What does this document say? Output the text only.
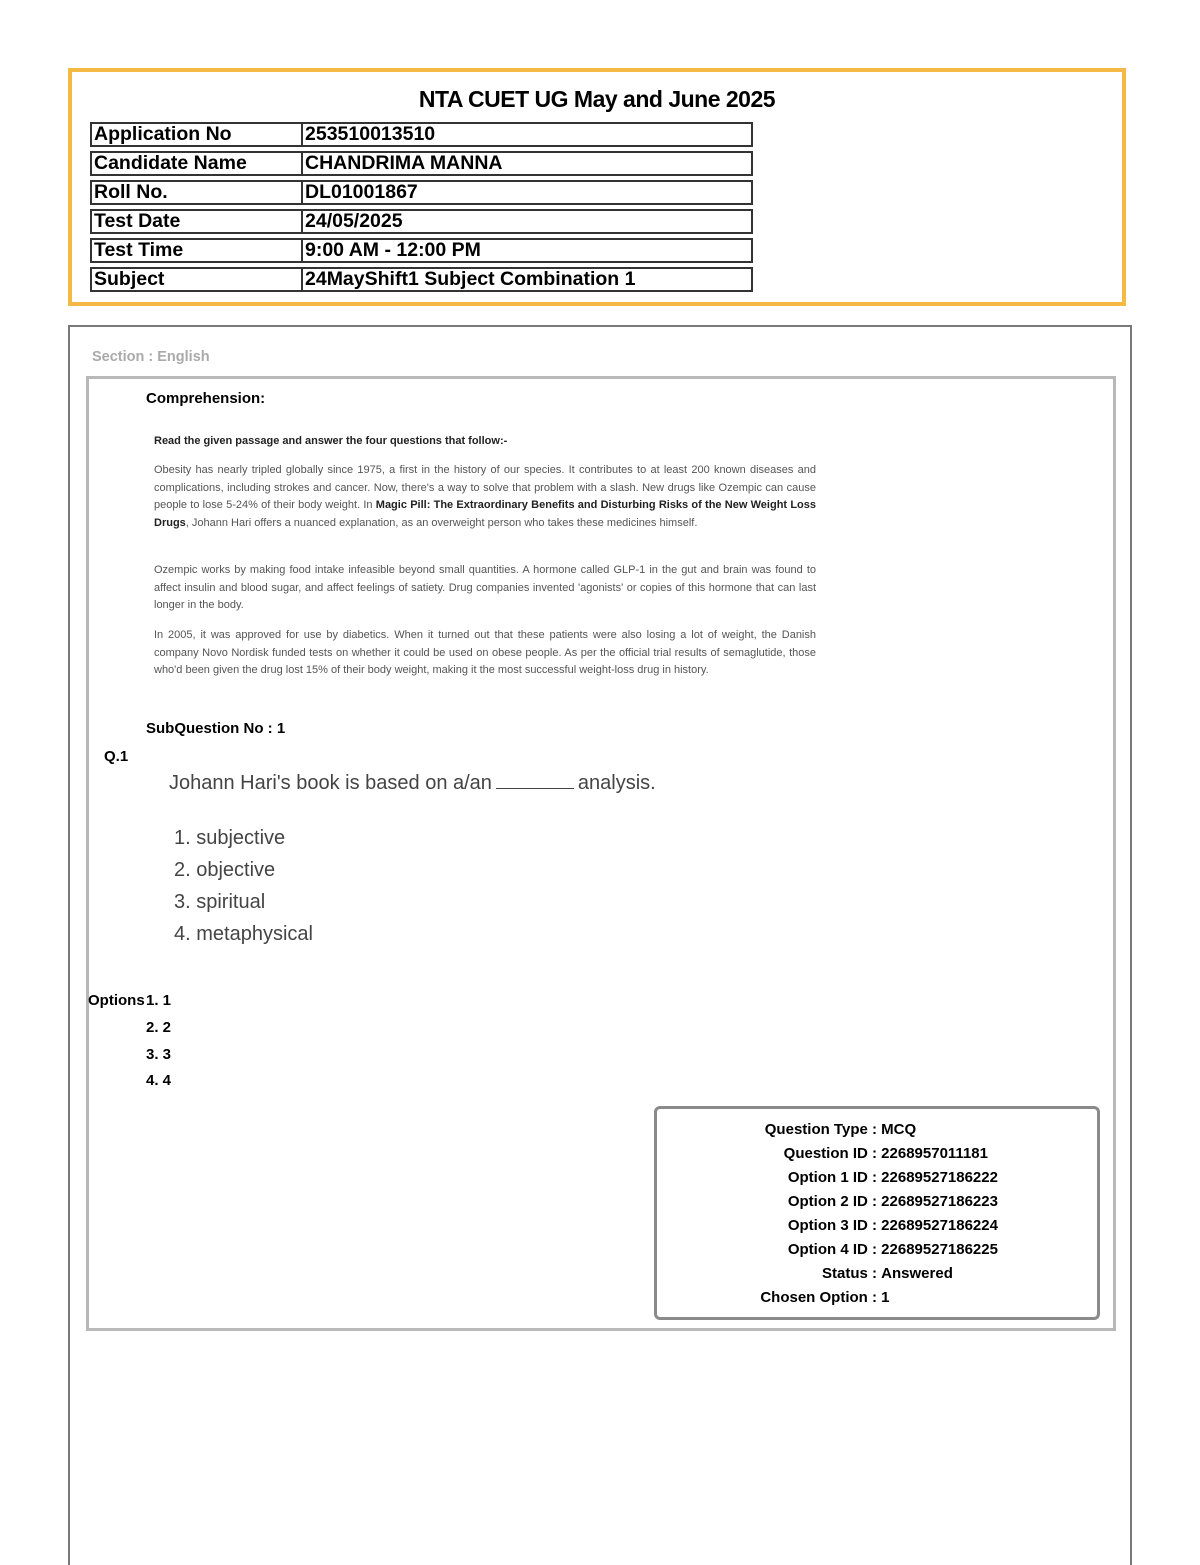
NTA CUET UG May and June 2025
Application No	253510013510
Candidate Name	CHANDRIMA MANNA
Roll No.	DL01001867
Test Date	24/05/2025
Test Time	9:00 AM - 12:00 PM
Subject	24MayShift1 Subject Combination 1
Section : English
Comprehension:
Read the given passage and answer the four questions that follow:-

Obesity has nearly tripled globally since 1975, a first in the history of our species. It contributes to at least 200 known diseases and complications, including strokes and cancer. Now, there's a way to solve that problem with a slash. New drugs like Ozempic can cause people to lose 5-24% of their body weight. In Magic Pill: The Extraordinary Benefits and Disturbing Risks of the New Weight Loss Drugs, Johann Hari offers a nuanced explanation, as an overweight person who takes these medicines himself.

Ozempic works by making food intake infeasible beyond small quantities. A hormone called GLP-1 in the gut and brain was found to affect insulin and blood sugar, and affect feelings of satiety. Drug companies invented 'agonists' or copies of this hormone that can last longer in the body.

In 2005, it was approved for use by diabetics. When it turned out that these patients were also losing a lot of weight, the Danish company Novo Nordisk funded tests on whether it could be used on obese people. As per the official trial results of semaglutide, those who'd been given the drug lost 15% of their body weight, making it the most successful weight-loss drug in history.

SubQuestion No : 1
Q.1
Johann Hari's book is based on a/an	analysis.
1. subjective
2. objective
3. spiritual
4. metaphysical
Options 1. 1
2. 2
3. 3
4. 4
Question Type : MCQ
Question ID : 2268957011181
Option 1 ID : 22689527186222
Option 2 ID : 22689527186223
Option 3 ID : 22689527186224
Option 4 ID : 22689527186225
Status : Answered
Chosen Option : 1
